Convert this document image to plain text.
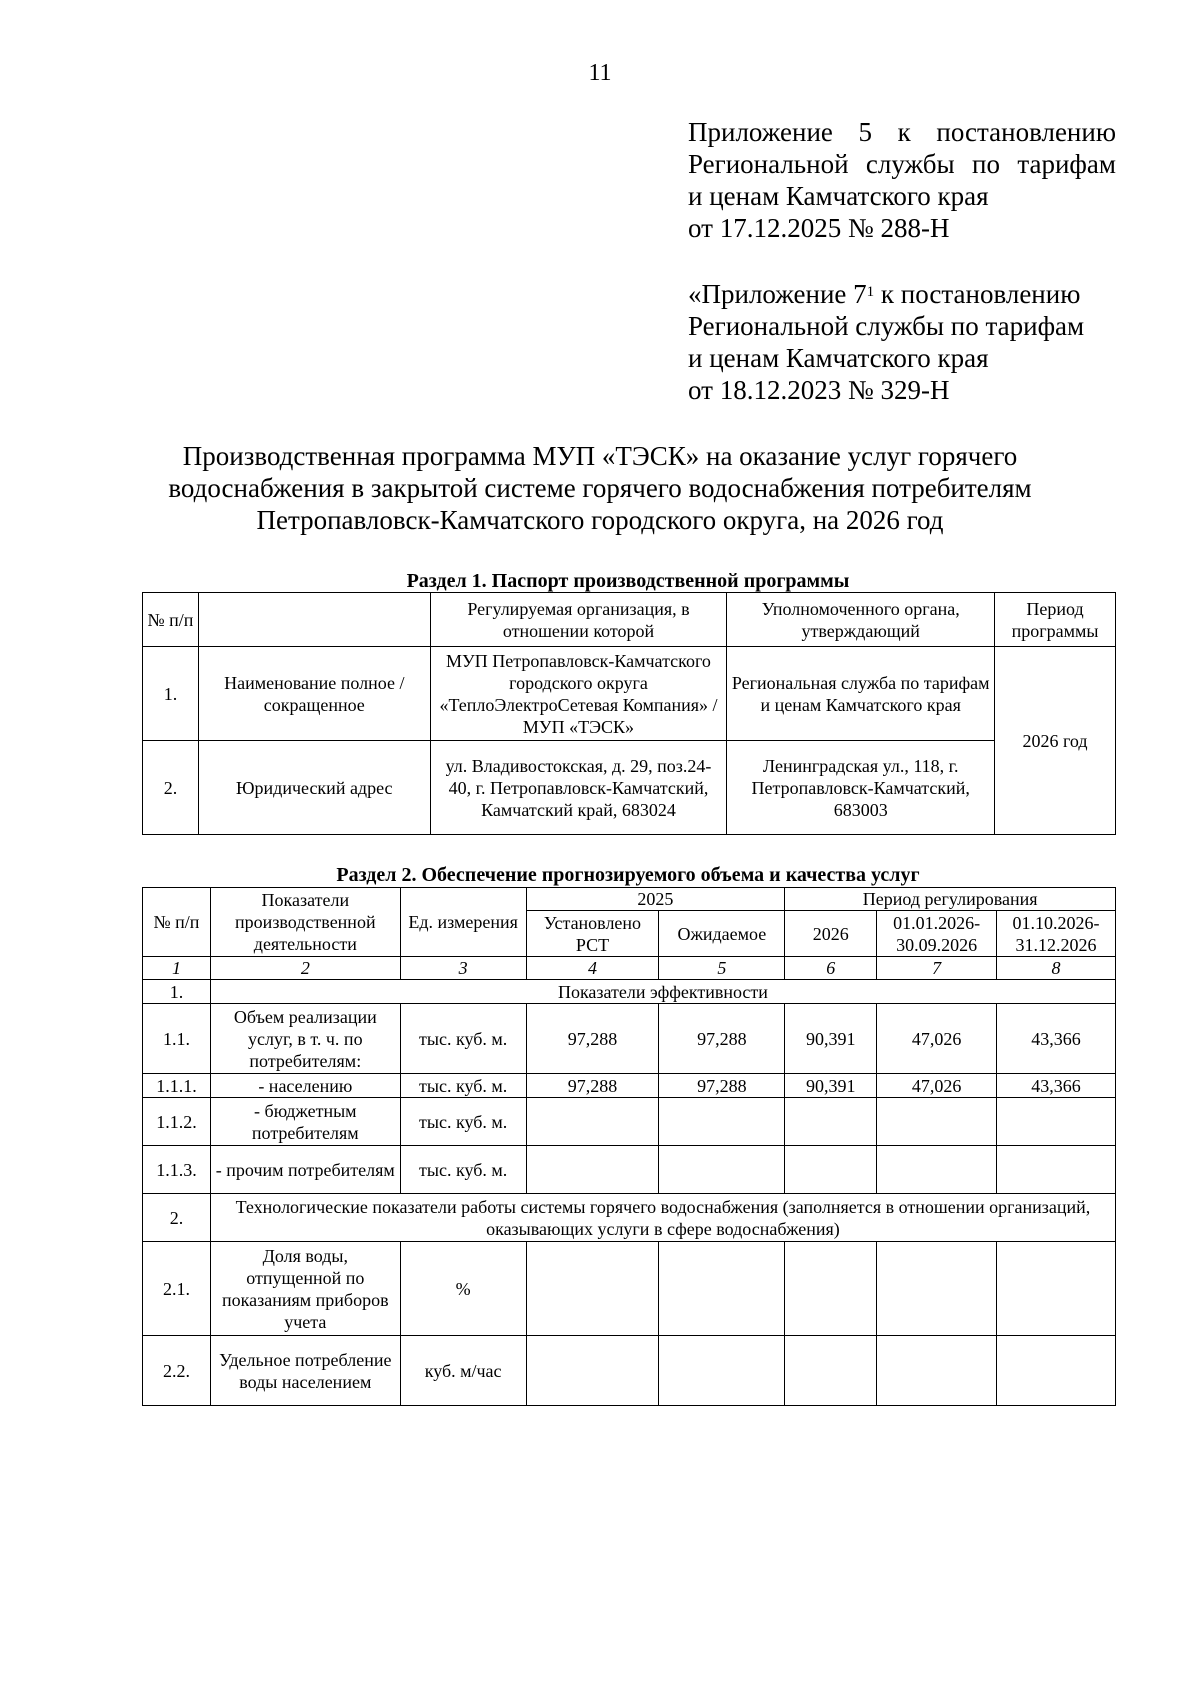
11
Приложение 5 к постановлению
Региональной службы по тарифам
и ценам Камчатского края
от 17.12.2025 № 288-Н
«Приложение $7^1$ к постановлению
Региональной службы по тарифам
и ценам Камчатского края
от 18.12.2023 № 329-Н
Производственная программа МУП «ТЭСК» на оказание услуг горячего
водоснабжения в закрытой системе горячего водоснабжения потребителям
Петропавловск-Камчатского городского округа, на 2026 год
Раздел 1. Паспорт производственной программы
№ п/п		Регулируемая организация, в отношении которой	Уполномоченного органа, утверждающий	Период программы
1.	Наименование полное / сокращенное	МУП Петропавловск-Камчатского городского округа «ТеплоЭлектроСетевая Компания» / МУП «ТЭСК»	Региональная служба по тарифам и ценам Камчатского края	2026 год
2.	Юридический адрес	ул. Владивостокская, д. 29, поз.24-40, г. Петропавловск-Камчатский, Камчатский край, 683024	Ленинградская ул., 118, г. Петропавловск-Камчатский, 683003	
Раздел 2. Обеспечение прогнозируемого объема и качества услуг
№ п/п	Показатели производственной деятельности	Ед. измерения	2025		Период регулирования		
			Установлено РСТ	Ожидаемое	2026	01.01.2026-30.09.2026	01.10.2026-31.12.2026
1	2	3	4	5	6	7	8
1.	Показатели эффективности						
1.1.	Объем реализации услуг, в т. ч. по потребителям:	тыс. куб. м.	97,288	97,288	90,391	47,026	43,366
1.1.1.	- населению	тыс. куб. м.	97,288	97,288	90,391	47,026	43,366
1.1.2.	- бюджетным потребителям	тыс. куб. м.					
1.1.3.	- прочим потребителям	тыс. куб. м.					
2.	Технологические показатели работы системы горячего водоснабжения (заполняется в отношении организаций, оказывающих услуги в сфере водоснабжения)						
2.1.	Доля воды, отпущенной по показаниям приборов учета	%					
2.2.	Удельное потребление воды населением	куб. м/час					
